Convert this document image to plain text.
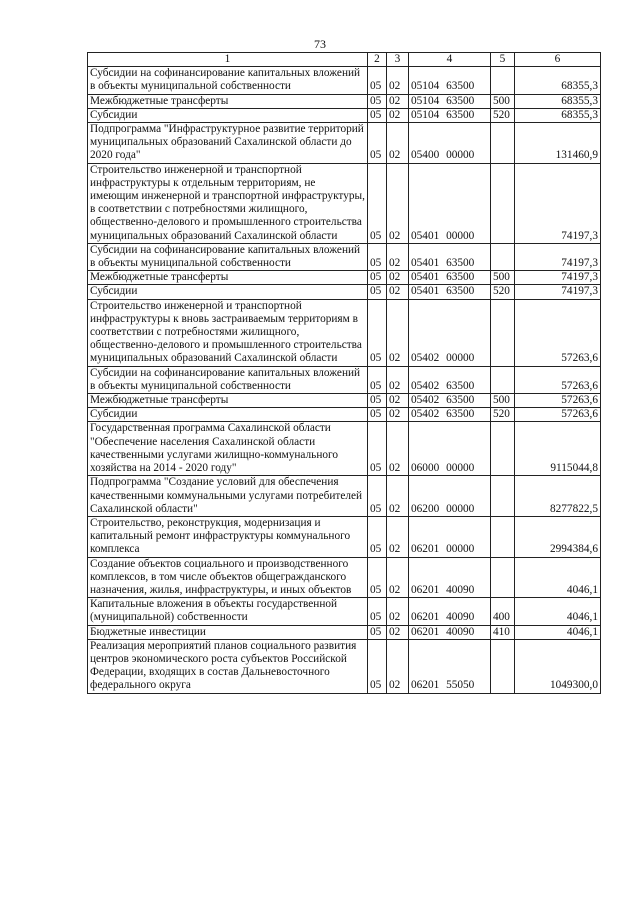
73
1	2	3	4	5	6
Субсидии на софинансирование капитальных вложений в объекты муниципальной собственности	05	02	05104 63500		68355,3
Межбюджетные трансферты	05	02	05104 63500	500	68355,3
Субсидии	05	02	05104 63500	520	68355,3
Подпрограмма "Инфраструктурное развитие территорий муниципальных образований Сахалинской области до 2020 года"	05	02	05400 00000		131460,9
Строительство инженерной и транспортной инфраструктуры к отдельным территориям, не имеющим инженерной и транспортной инфраструктуры, в соответствии с потребностями жилищного, общественно-делового и промышленного строительства муниципальных образований Сахалинской области	05	02	05401 00000		74197,3
Субсидии на софинансирование капитальных вложений в объекты муниципальной собственности	05	02	05401 63500		74197,3
Межбюджетные трансферты	05	02	05401 63500	500	74197,3
Субсидии	05	02	05401 63500	520	74197,3
Строительство инженерной и транспортной инфраструктуры к вновь застраиваемым территориям в соответствии с потребностями жилищного, общественно-делового и промышленного строительства муниципальных образований Сахалинской области	05	02	05402 00000		57263,6
Субсидии на софинансирование капитальных вложений в объекты муниципальной собственности	05	02	05402 63500		57263,6
Межбюджетные трансферты	05	02	05402 63500	500	57263,6
Субсидии	05	02	05402 63500	520	57263,6
Государственная программа Сахалинской области "Обеспечение населения Сахалинской области качественными услугами жилищно-коммунального хозяйства на 2014 - 2020 году"	05	02	06000 00000		9115044,8
Подпрограмма "Создание условий для обеспечения качественными коммунальными услугами потребителей Сахалинской области"	05	02	06200 00000		8277822,5
Строительство, реконструкция, модернизация и капитальный ремонт инфраструктуры коммунального комплекса	05	02	06201 00000		2994384,6
Создание объектов социального и производственного комплексов, в том числе объектов общегражданского назначения, жилья, инфраструктуры, и иных объектов	05	02	06201 40090		4046,1
Капитальные вложения в объекты государственной (муниципальной) собственности	05	02	06201 40090	400	4046,1
Бюджетные инвестиции	05	02	06201 40090	410	4046,1
Реализация мероприятий планов социального развития центров экономического роста субъектов Российской Федерации, входящих в состав Дальневосточного федерального округа	05	02	06201 55050		1049300,0
